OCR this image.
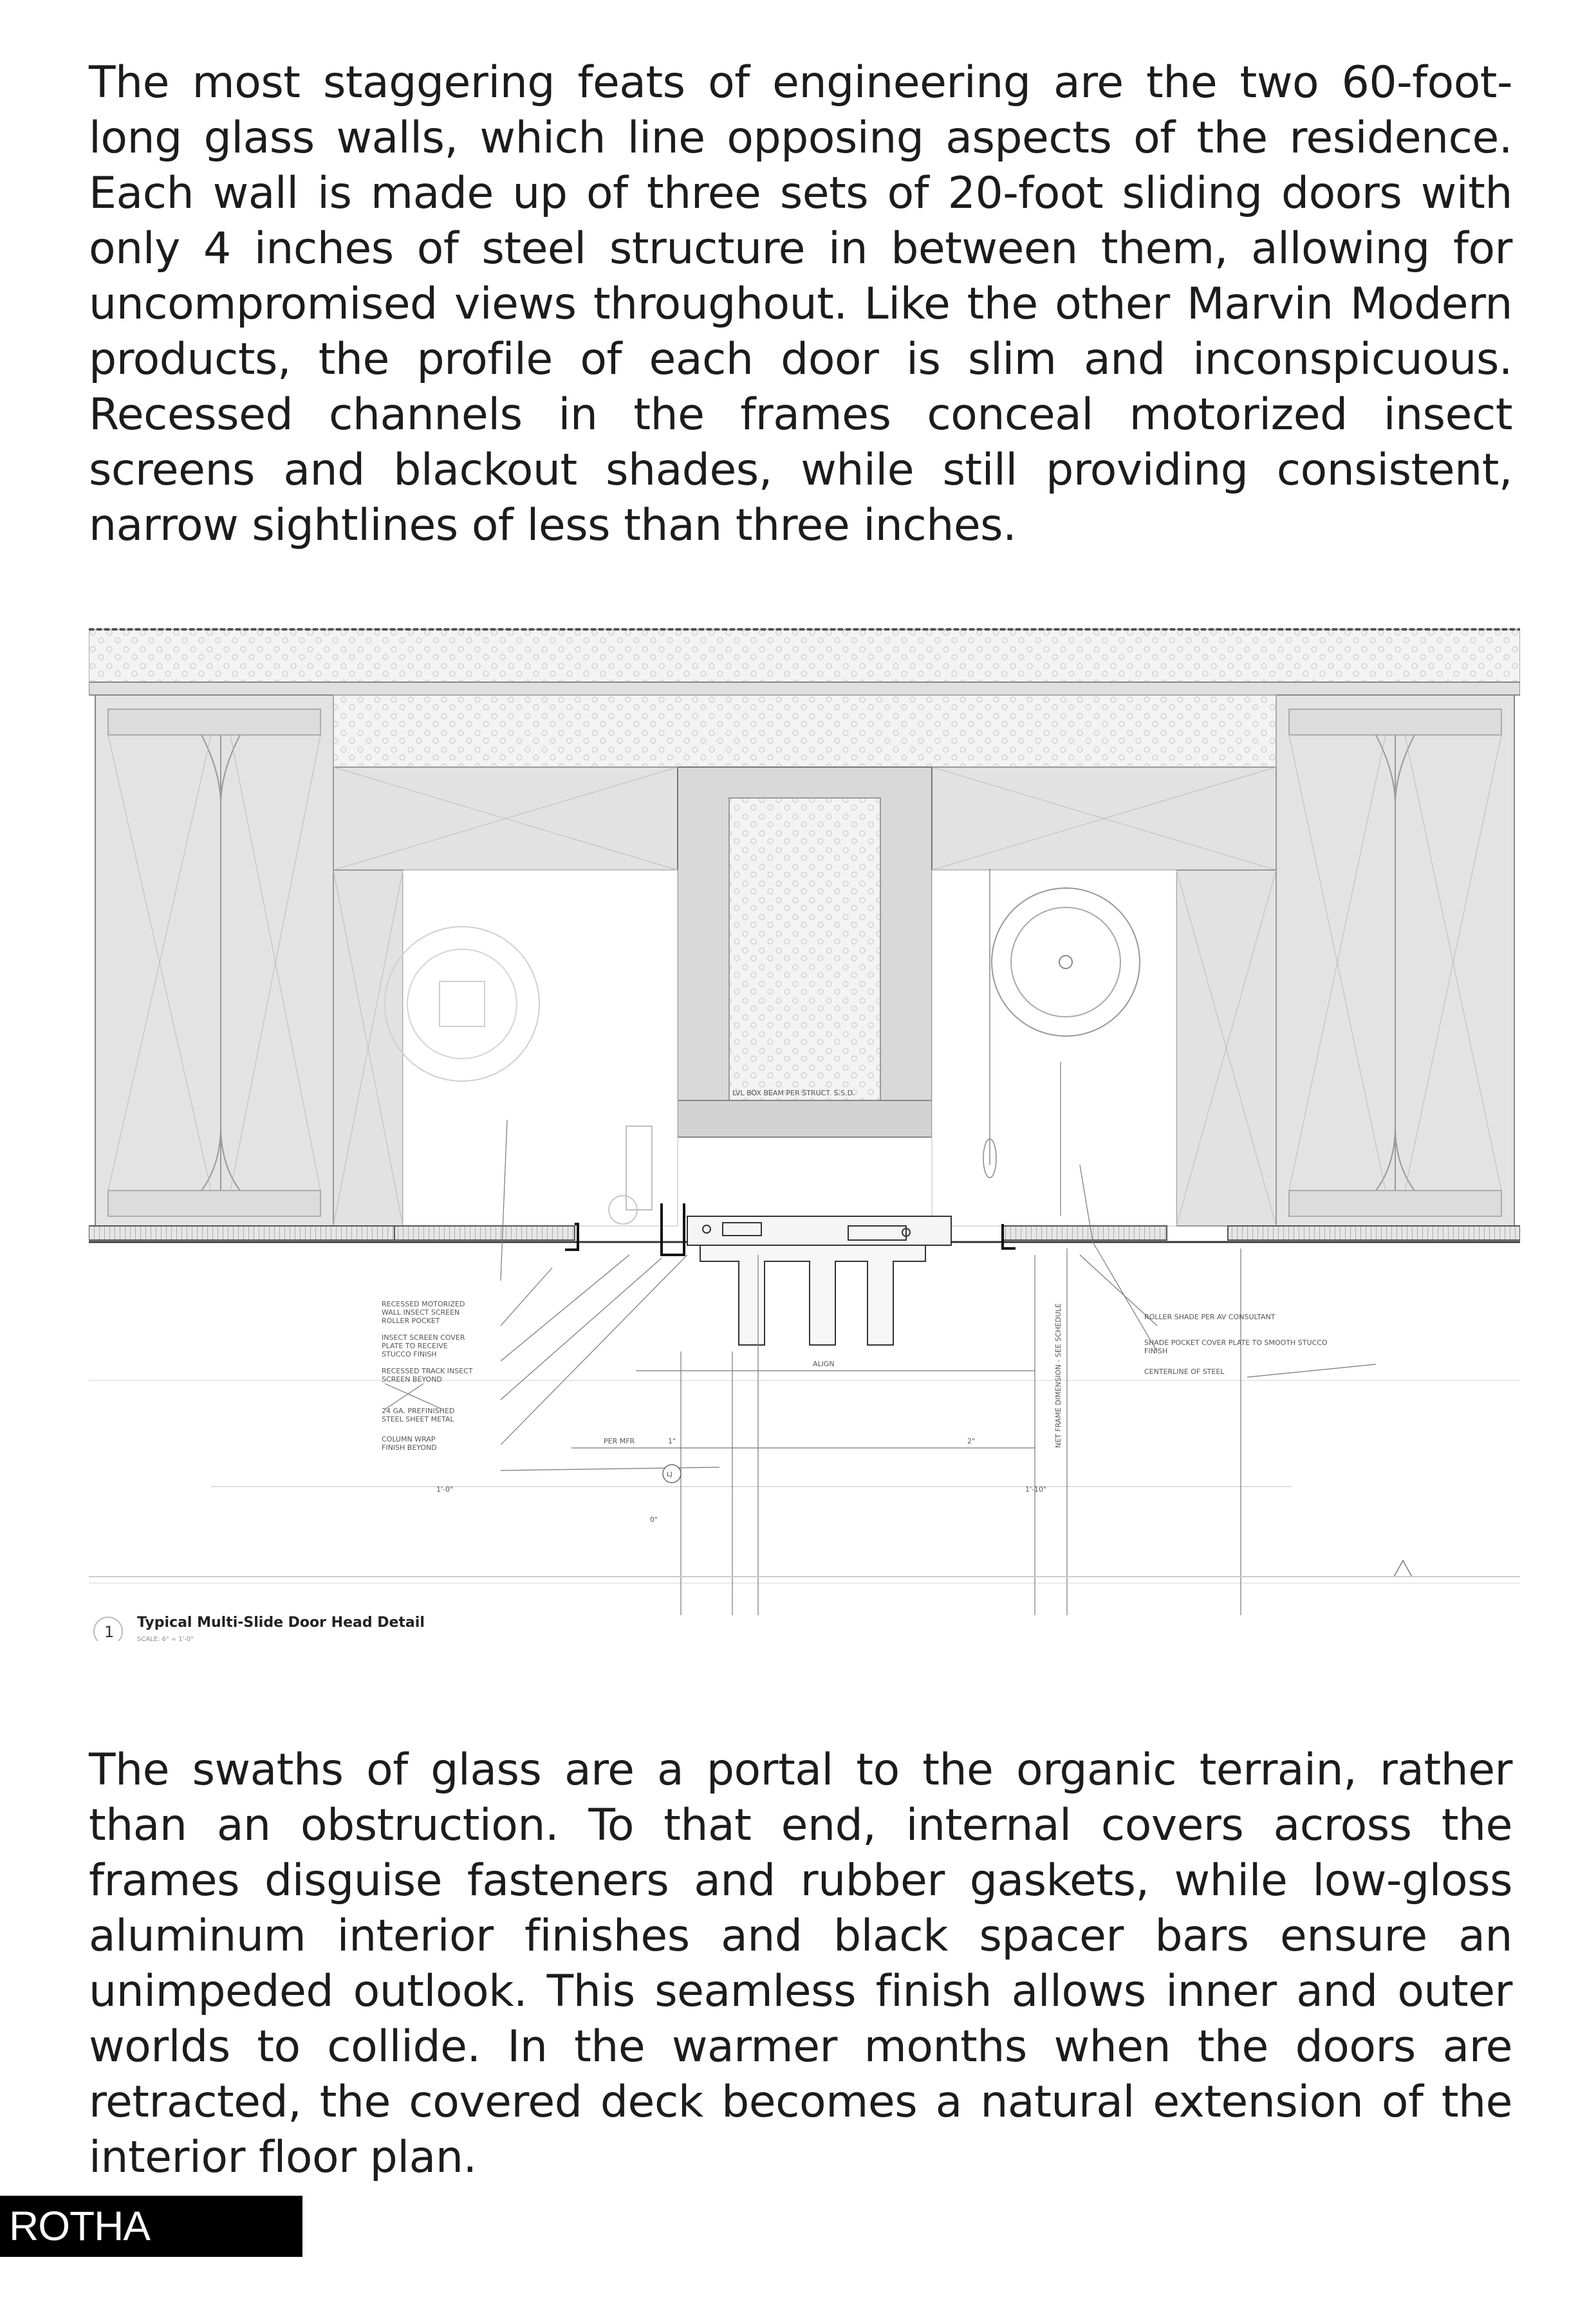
The most staggering feats of engineering are the two 60-foot-long glass walls, which line opposing aspects of the residence. Each wall is made up of three sets of 20-foot sliding doors with only 4 inches of steel structure in between them, allowing for uncompromised views throughout. Like the other Marvin Modern products, the profile of each door is slim and inconspicuous. Recessed channels in the frames conceal motorized insect screens and blackout shades, while still providing consistent, narrow sightlines of less than three inches.
LVL BOX BEAM PER STRUCT. S.S.D.
RECESSED MOTORIZED
WALL INSECT SCREEN
ROLLER POCKET
INSECT SCREEN COVER
PLATE TO RECEIVE
STUCCO FINISH
RECESSED TRACK INSECT
SCREEN BEYOND
24 GA. PREFINISHED
STEEL SHEET METAL
COLUMN WRAP
FINISH BEYOND
ROLLER SHADE PER AV CONSULTANT
SHADE POCKET COVER PLATE TO SMOOTH STUCCO
FINISH
CENTERLINE OF STEEL
NET FRAME DIMENSION - SEE SCHEDULE
ALIGN
PER MFR	1"	2"
1'-0"	1'-10"
0"
LJ
1
Typical Multi-Slide Door Head Detail
SCALE: 6" = 1'-0"
The swaths of glass are a portal to the organic terrain, rather than an obstruction. To that end, internal covers across the frames disguise fasteners and rubber gaskets, while low-gloss aluminum interior finishes and black spacer bars ensure an unimpeded outlook. This seamless finish allows inner and outer worlds to collide. In the warmer months when the doors are retracted, the covered deck becomes a natural extension of the interior floor plan.
ROTHA OUDOM
